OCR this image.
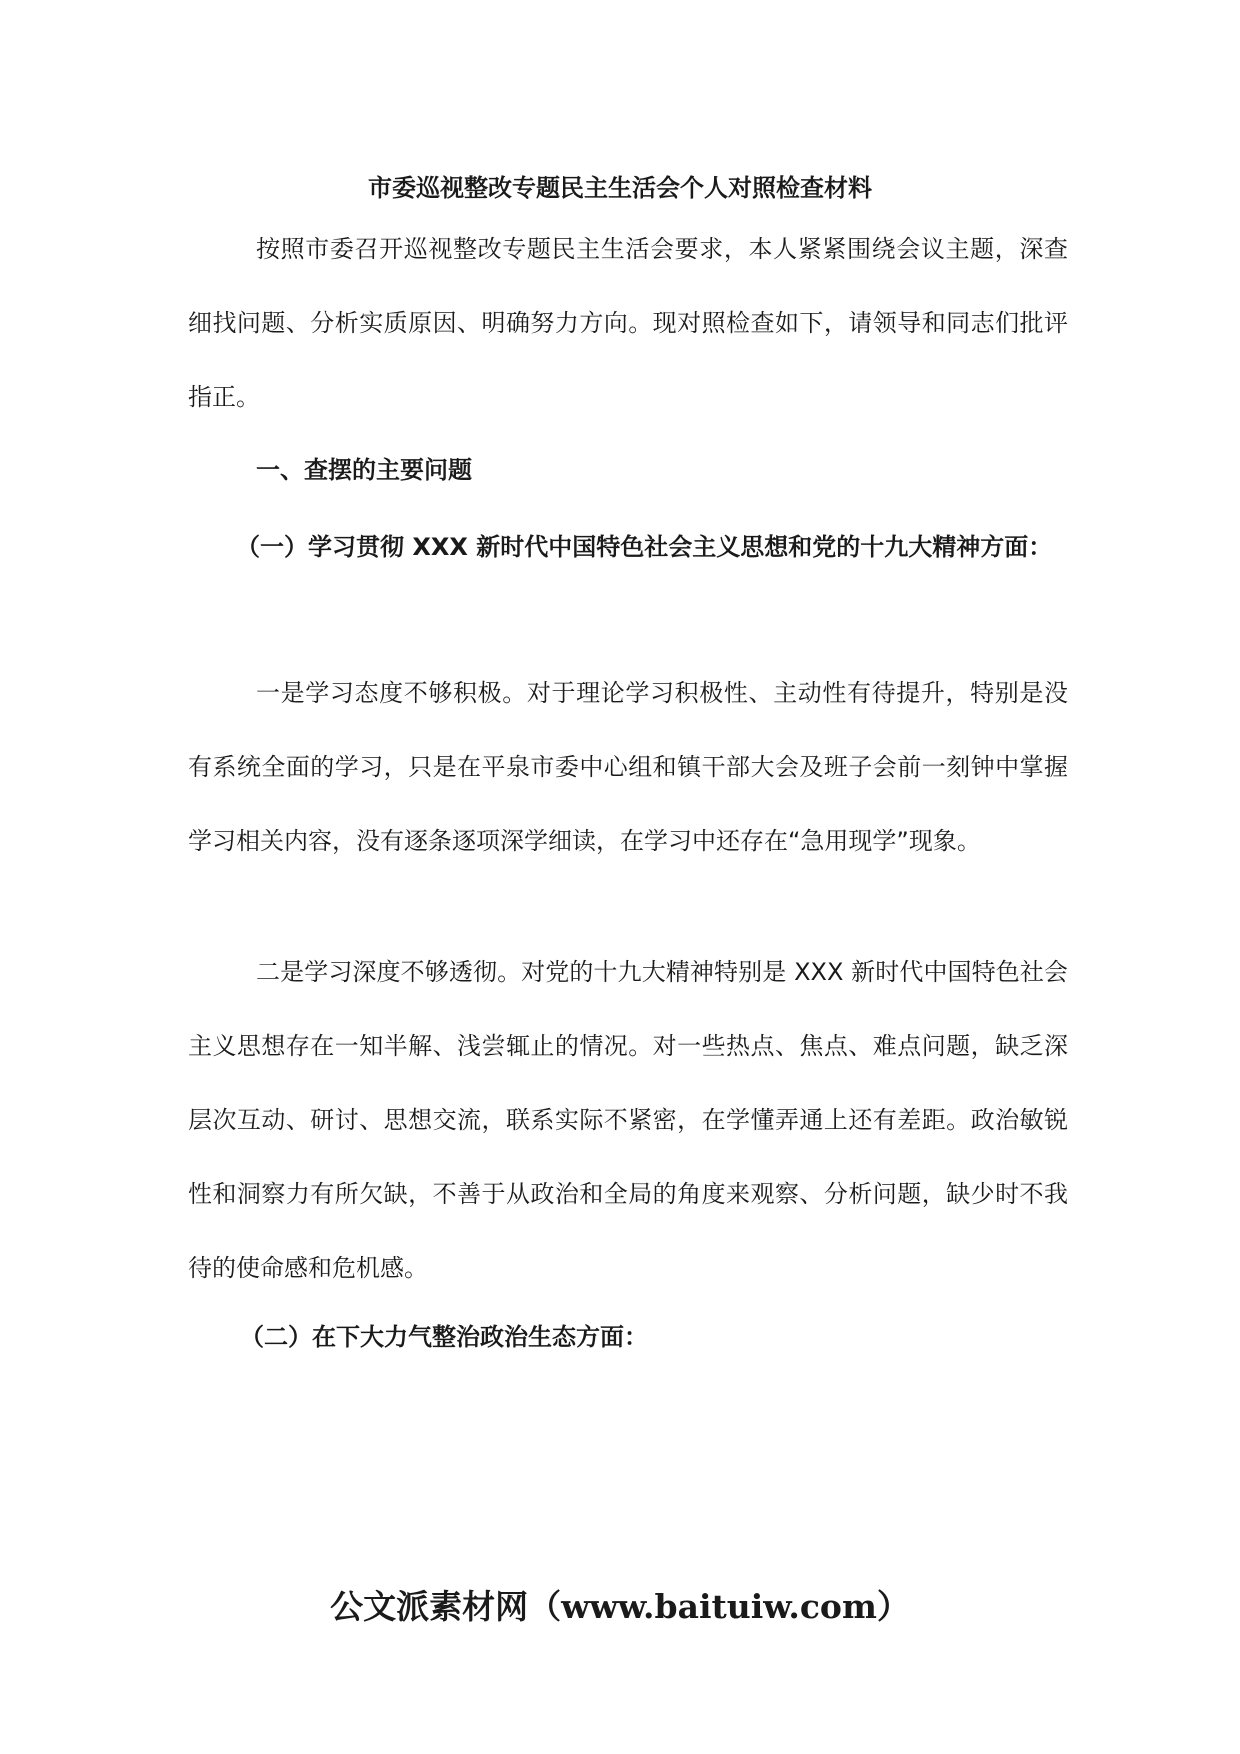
市委巡视整改专题民主生活会个人对照检查材料

按照市委召开巡视整改专题民主生活会要求，本人紧紧围绕会议主题，深查细找问题、分析实质原因、明确努力方向。现对照检查如下，请领导和同志们批评指正。

一、查摆的主要问题

（一）学习贯彻 XXX 新时代中国特色社会主义思想和党的十九大精神方面：

一是学习态度不够积极。对于理论学习积极性、主动性有待提升，特别是没有系统全面的学习，只是在平泉市委中心组和镇干部大会及班子会前一刻钟中掌握学习相关内容，没有逐条逐项深学细读，在学习中还存在“急用现学”现象。

二是学习深度不够透彻。对党的十九大精神特别是 XXX 新时代中国特色社会主义思想存在一知半解、浅尝辄止的情况。对一些热点、焦点、难点问题，缺乏深层次互动、研讨、思想交流，联系实际不紧密，在学懂弄通上还有差距。政治敏锐性和洞察力有所欠缺，不善于从政治和全局的角度来观察、分析问题，缺少时不我待的使命感和危机感。

（二）在下大力气整治政治生态方面：

公文派素材网（www.baituiw.com）
